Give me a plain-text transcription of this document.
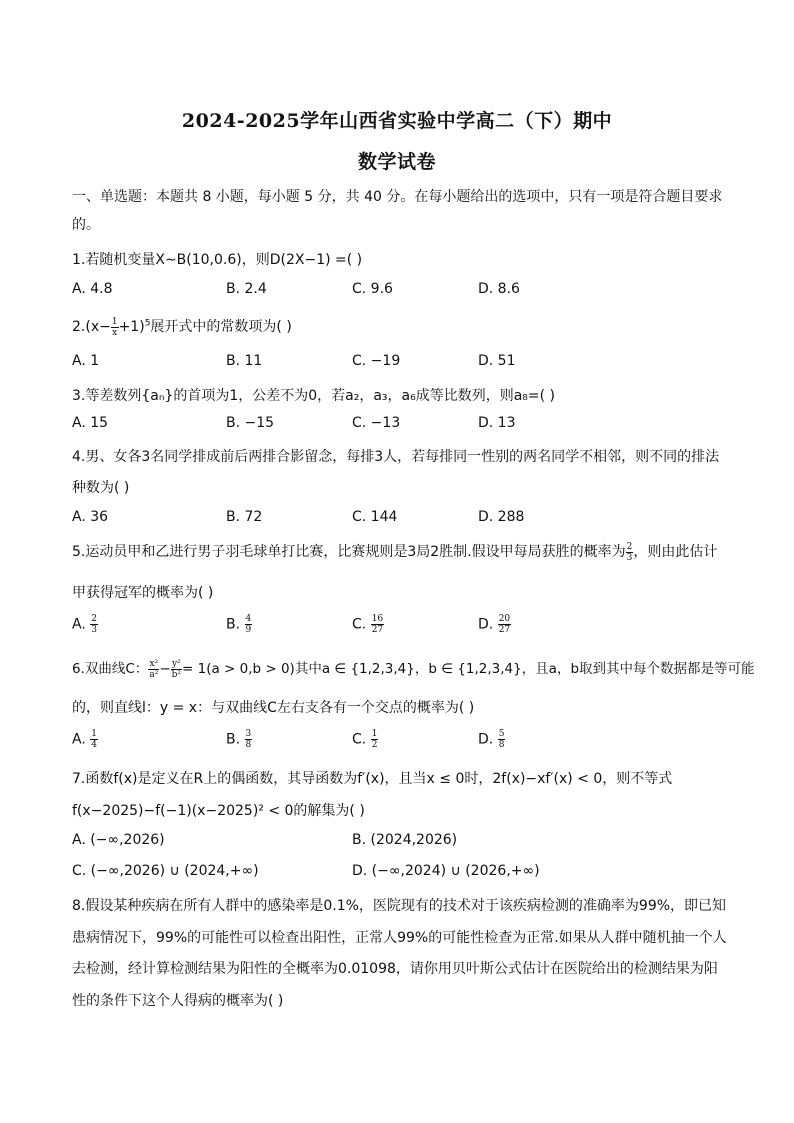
2024-2025学年山西省实验中学高二（下）期中
数学试卷
一、单选题：本题共 8 小题，每小题 5 分，共 40 分。在每小题给出的选项中，只有一项是符合题目要求
的。
1.若随机变量X∼B(10,0.6)，则D(2X−1) =( )
A. 4.8	B. 2.4	C. 9.6	D. 8.6
$2.(x- \frac{1}{x} +1)^5$展开式中的常数项为( )
A. 1	B. 11	C. −19	D. 51
3.等差数列{aₙ}的首项为1，公差不为0，若a₂，a₃，a₆成等比数列，则a₈=( )
A. 15	B. −15	C. −13	D. 13
4.男、女各3名同学排成前后两排合影留念，每排3人，若每排同一性别的两名同学不相邻，则不同的排法
种数为( )
A. 36	B. 72	C. 144	D. 288
5.运动员甲和乙进行男子羽毛球单打比赛，比赛规则是3局2胜制.假设甲每局获胜的概率为 $\frac{2}{3}$ ，则由此估计
甲获得冠军的概率为( )
A. $\frac{2}{3}$	B. $\frac{4}{9}$	C. $\frac{16}{27}$	D. $\frac{20}{27}$
6.双曲线C： $\frac{\text{x²}}{\text{a²}} - \frac{\text{y²}}{\text{b²}} = 1(a > 0,b > 0)$其中a ∈ {1,2,3,4}，b ∈ {1,2,3,4}，且a，b取到其中每个数据都是等可能
的，则直线l：y = x：与双曲线C左右支各有一个交点的概率为( )
A. $\frac{1}{4}$	B. $\frac{3}{8}$	C. $\frac{1}{2}$	D. $\frac{5}{8}$
7.函数f(x)是定义在R上的偶函数，其导函数为f′(x)，且当x ≤ 0时，2f(x)−xf′(x) < 0，则不等式
f(x−2025)−f(−1)(x−2025)² < 0的解集为( )
A. (−∞,2026)	B. (2024,2026)
C. (−∞,2026) ∪ (2024,+∞)	D. (−∞,2024) ∪ (2026,+∞)
8.假设某种疾病在所有人群中的感染率是0.1%，医院现有的技术对于该疾病检测的准确率为99%，即已知
患病情况下，99%的可能性可以检查出阳性，正常人99%的可能性检查为正常.如果从人群中随机抽一个人
去检测，经计算检测结果为阳性的全概率为0.01098，请你用贝叶斯公式估计在医院给出的检测结果为阳
性的条件下这个人得病的概率为( )
